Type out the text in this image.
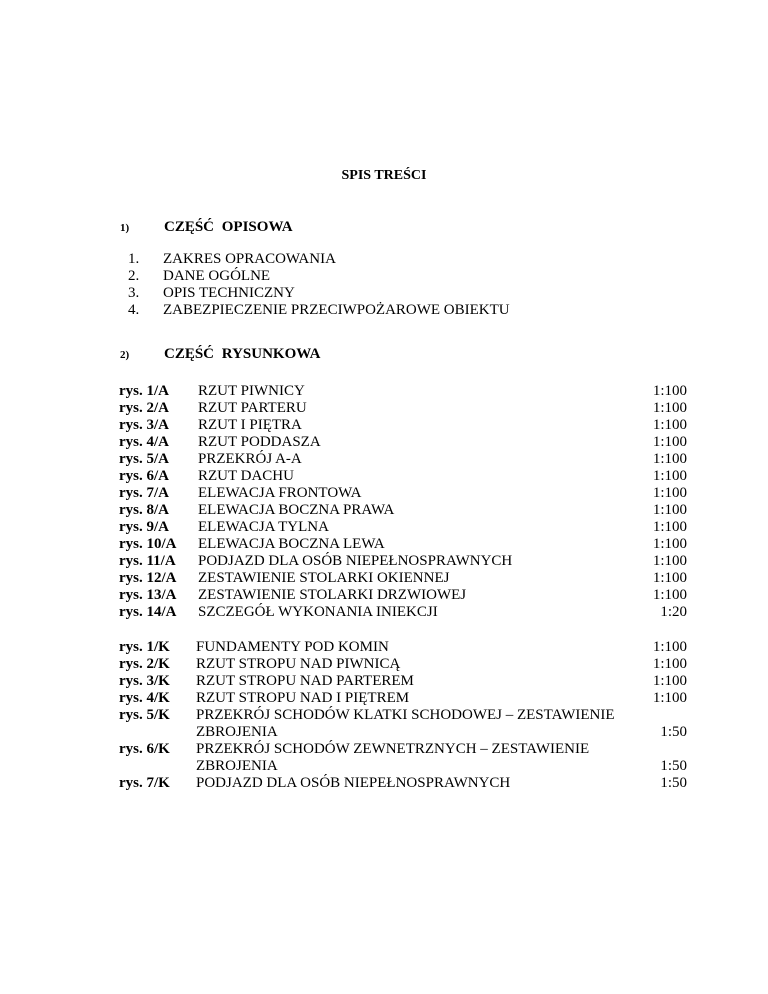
SPIS TREŚCI
1)	CZĘŚĆ OPISOWA
1.	ZAKRES OPRACOWANIA
2.	DANE OGÓLNE
3.	OPIS TECHNICZNY
4.	ZABEZPIECZENIE PRZECIWPOŻAROWE OBIEKTU
2)	CZĘŚĆ RYSUNKOWA
rys. 1/A	RZUT PIWNICY	1:100
rys. 2/A	RZUT PARTERU	1:100
rys. 3/A	RZUT I PIĘTRA	1:100
rys. 4/A	RZUT PODDASZA	1:100
rys. 5/A	PRZEKRÓJ A-A	1:100
rys. 6/A	RZUT DACHU	1:100
rys. 7/A	ELEWACJA FRONTOWA	1:100
rys. 8/A	ELEWACJA BOCZNA PRAWA	1:100
rys. 9/A	ELEWACJA TYLNA	1:100
rys. 10/A	ELEWACJA BOCZNA LEWA	1:100
rys. 11/A	PODJAZD DLA OSÓB NIEPEŁNOSPRAWNYCH	1:100
rys. 12/A	ZESTAWIENIE STOLARKI OKIENNEJ	1:100
rys. 13/A	ZESTAWIENIE STOLARKI DRZWIOWEJ	1:100
rys. 14/A	SZCZEGÓŁ WYKONANIA INIEKCJI	1:20
rys. 1/K	FUNDAMENTY POD KOMIN	1:100
rys. 2/K	RZUT STROPU NAD PIWNICĄ	1:100
rys. 3/K	RZUT STROPU NAD PARTEREM	1:100
rys. 4/K	RZUT STROPU NAD I PIĘTREM	1:100
rys. 5/K	PRZEKRÓJ SCHODÓW KLATKI SCHODOWEJ – ZESTAWIENIE ZBROJENIA	1:50
rys. 6/K	PRZEKRÓJ SCHODÓW ZEWNETRZNYCH – ZESTAWIENIE ZBROJENIA	1:50
rys. 7/K	PODJAZD DLA OSÓB NIEPEŁNOSPRAWNYCH	1:50
